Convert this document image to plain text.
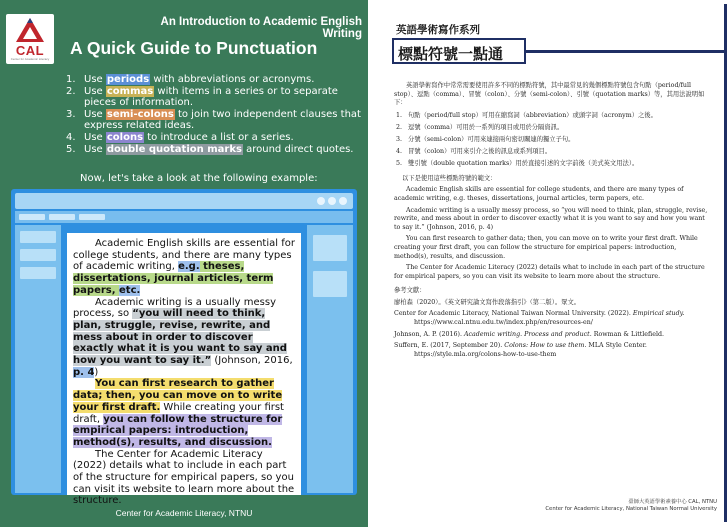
CAL
Center for Academic Literacy
An Introduction to Academic English Writing
A Quick Guide to Punctuation
1. Use periods with abbreviations or acronyms.
2. Use commas with items in a series or to separate pieces of information.
3. Use semi-colons to join two independent clauses that express related ideas.
4. Use colons to introduce a list or a series.
5. Use double quotation marks around direct quotes.
Now, let's take a look at the following example:

Academic English skills are essential for college students, and there are many types of academic writing, e.g. theses, dissertations, journal articles, term papers, etc.

Academic writing is a usually messy process, so “you will need to think, plan, struggle, revise, rewrite, and mess about in order to discover exactly what it is you want to say and how you want to say it.” (Johnson, 2016, p. 4)

You can first research to gather data; then, you can move on to write your first draft. While creating your first draft, you can follow the structure for empirical papers: introduction, method(s), results, and discussion.

The Center for Academic Literacy (2022) details what to include in each part of the structure for empirical papers, so you can visit its website to learn more about the structure.

Center for Academic Literacy, NTNU
英語學術寫作系列
標點符號一點通

英語學術寫作中常常需要使用許多不同的標點符號，其中最常見的幾個標點符號包含句點（period/full stop）、逗點（comma）、冒號（colon）、分號（semi-colon）、引號（quotation marks）等，其用法說明如下：

1. 句點（period/full stop）可用在縮寫詞（abbreviation）或頭字詞（acronym）之後。
2. 逗號（comma）可用於一系列的項目或用於分隔資訊。
3. 分號（semi-colon）可用來連接兩句密切關連的獨立子句。
4. 冒號（colon）可用來引介之後的訊息或系列項目。
5. 雙引號（double quotation marks）用於直接引述的文字前後（美式英文用法）。

以下是使用這些標點符號的範文：

Academic English skills are essential for college students, and there are many types of academic writing, e.g. theses, dissertations, journal articles, term papers, etc.

Academic writing is a usually messy process, so “you will need to think, plan, struggle, revise, rewrite, and mess about in order to discover exactly what it is you want to say and how you want to say it.” (Johnson, 2016, p. 4)

You can first research to gather data; then, you can move on to write your first draft. While creating your first draft, you can follow the structure for empirical papers: introduction, method(s), results, and discussion.

The Center for Academic Literacy (2022) details what to include in each part of the structure for empirical papers, so you can visit its website to learn more about the structure.

參考文獻：

廖柏森（2020）。《英文研究論文寫作段落指引》（第二版）。眾文。

Center for Academic Literacy, National Taiwan Normal University. (2022). Empirical study. https://www.cal.ntnu.edu.tw/index.php/en/resources-en/

Johnson, A. P. (2016). Academic writing. Process and product. Rowman & Littlefield.

Suffern, E. (2017, September 20). Colons: How to use them. MLA Style Center. https://style.mla.org/colons-how-to-use-them

臺師大英語學術素養中心 CAL, NTNU
Center for Academic Literacy, National Taiwan Normal University
